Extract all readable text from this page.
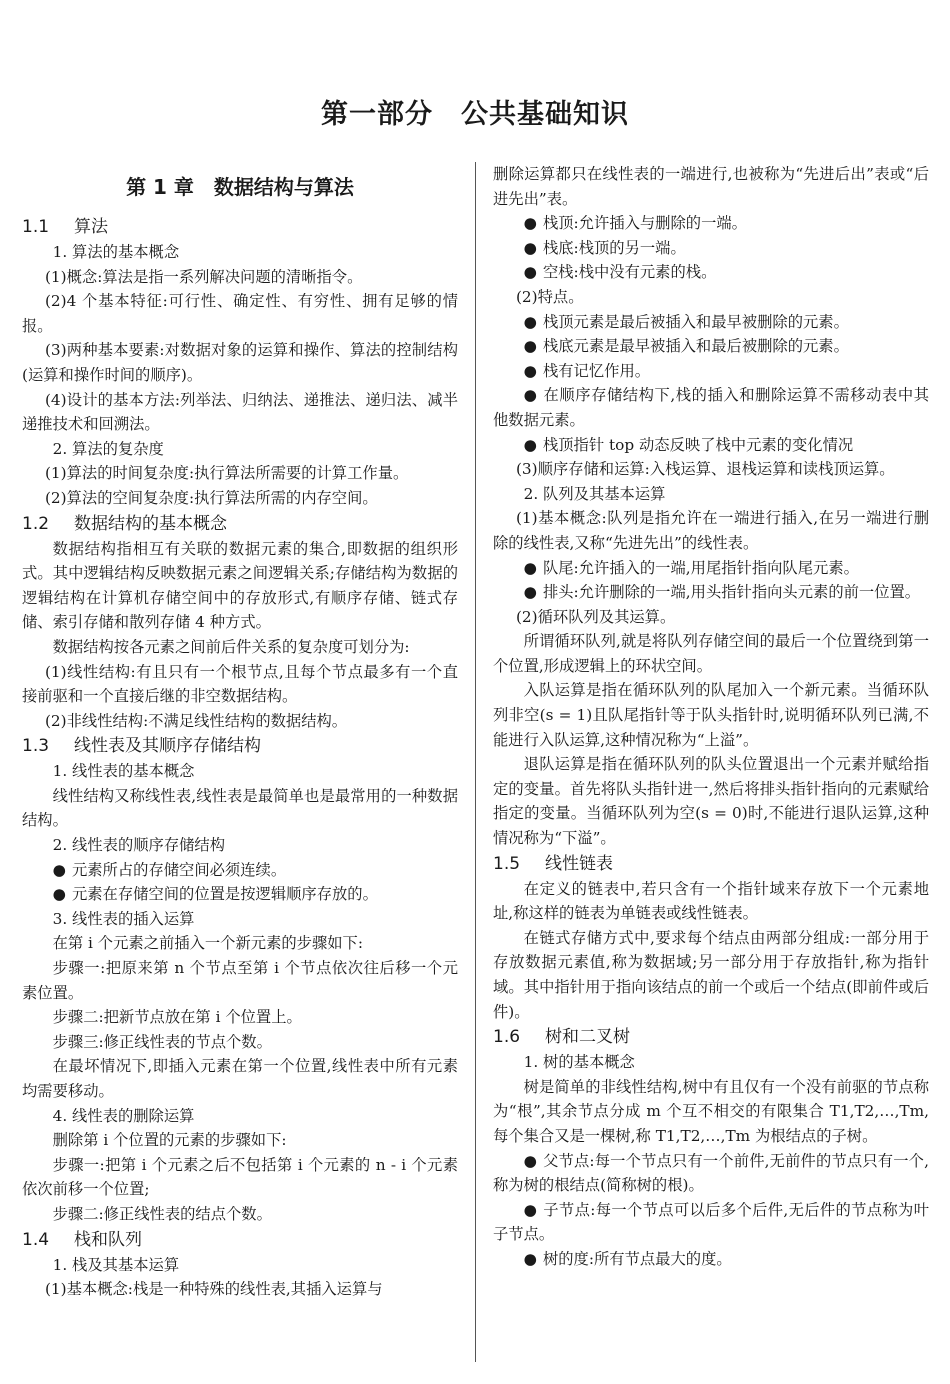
第一部分　公共基础知识
第 1 章　数据结构与算法
1.1 算法

1. 算法的基本概念

(1)概念:算法是指一系列解决问题的清晰指令。

(2)4 个基本特征:可行性、确定性、有穷性、拥有足够的情报。

(3)两种基本要素:对数据对象的运算和操作、算法的控制结构(运算和操作时间的顺序)。

(4)设计的基本方法:列举法、归纳法、递推法、递归法、减半递推技术和回溯法。

2. 算法的复杂度

(1)算法的时间复杂度:执行算法所需要的计算工作量。

(2)算法的空间复杂度:执行算法所需的内存空间。

1.2 数据结构的基本概念

数据结构指相互有关联的数据元素的集合,即数据的组织形式。其中逻辑结构反映数据元素之间逻辑关系;存储结构为数据的逻辑结构在计算机存储空间中的存放形式,有顺序存储、链式存储、索引存储和散列存储 4 种方式。

数据结构按各元素之间前后件关系的复杂度可划分为:

(1)线性结构:有且只有一个根节点,且每个节点最多有一个直接前驱和一个直接后继的非空数据结构。

(2)非线性结构:不满足线性结构的数据结构。

1.3 线性表及其顺序存储结构

1. 线性表的基本概念

线性结构又称线性表,线性表是最简单也是最常用的一种数据结构。

2. 线性表的顺序存储结构

● 元素所占的存储空间必须连续。

● 元素在存储空间的位置是按逻辑顺序存放的。

3. 线性表的插入运算

在第 i 个元素之前插入一个新元素的步骤如下:

步骤一:把原来第 n 个节点至第 i 个节点依次往后移一个元素位置。

步骤二:把新节点放在第 i 个位置上。

步骤三:修正线性表的节点个数。

在最坏情况下,即插入元素在第一个位置,线性表中所有元素均需要移动。

4. 线性表的删除运算

删除第 i 个位置的元素的步骤如下:

步骤一:把第 i 个元素之后不包括第 i 个元素的 n - i 个元素依次前移一个位置;

步骤二:修正线性表的结点个数。

1.4 栈和队列

1. 栈及其基本运算

(1)基本概念:栈是一种特殊的线性表,其插入运算与

删除运算都只在线性表的一端进行,也被称为“先进后出”表或“后进先出”表。

● 栈顶:允许插入与删除的一端。

● 栈底:栈顶的另一端。

● 空栈:栈中没有元素的栈。

(2)特点。

● 栈顶元素是最后被插入和最早被删除的元素。

● 栈底元素是最早被插入和最后被删除的元素。

● 栈有记忆作用。

● 在顺序存储结构下,栈的插入和删除运算不需移动表中其他数据元素。

● 栈顶指针 top 动态反映了栈中元素的变化情况

(3)顺序存储和运算:入栈运算、退栈运算和读栈顶运算。

2. 队列及其基本运算

(1)基本概念:队列是指允许在一端进行插入,在另一端进行删除的线性表,又称“先进先出”的线性表。

● 队尾:允许插入的一端,用尾指针指向队尾元素。

● 排头:允许删除的一端,用头指针指向头元素的前一位置。

(2)循环队列及其运算。

所谓循环队列,就是将队列存储空间的最后一个位置绕到第一个位置,形成逻辑上的环状空间。

入队运算是指在循环队列的队尾加入一个新元素。当循环队列非空(s = 1)且队尾指针等于队头指针时,说明循环队列已满,不能进行入队运算,这种情况称为“上溢”。

退队运算是指在循环队列的队头位置退出一个元素并赋给指定的变量。首先将队头指针进一,然后将排头指针指向的元素赋给指定的变量。当循环队列为空(s = 0)时,不能进行退队运算,这种情况称为“下溢”。

1.5 线性链表

在定义的链表中,若只含有一个指针域来存放下一个元素地址,称这样的链表为单链表或线性链表。

在链式存储方式中,要求每个结点由两部分组成:一部分用于存放数据元素值,称为数据域;另一部分用于存放指针,称为指针域。其中指针用于指向该结点的前一个或后一个结点(即前件或后件)。

1.6 树和二叉树

1. 树的基本概念

树是简单的非线性结构,树中有且仅有一个没有前驱的节点称为“根”,其余节点分成 m 个互不相交的有限集合 T1,T2,…,Tm,每个集合又是一棵树,称 T1,T2,…,Tm 为根结点的子树。

● 父节点:每一个节点只有一个前件,无前件的节点只有一个,称为树的根结点(简称树的根)。

● 子节点:每一个节点可以后多个后件,无后件的节点称为叶子节点。

● 树的度:所有节点最大的度。
